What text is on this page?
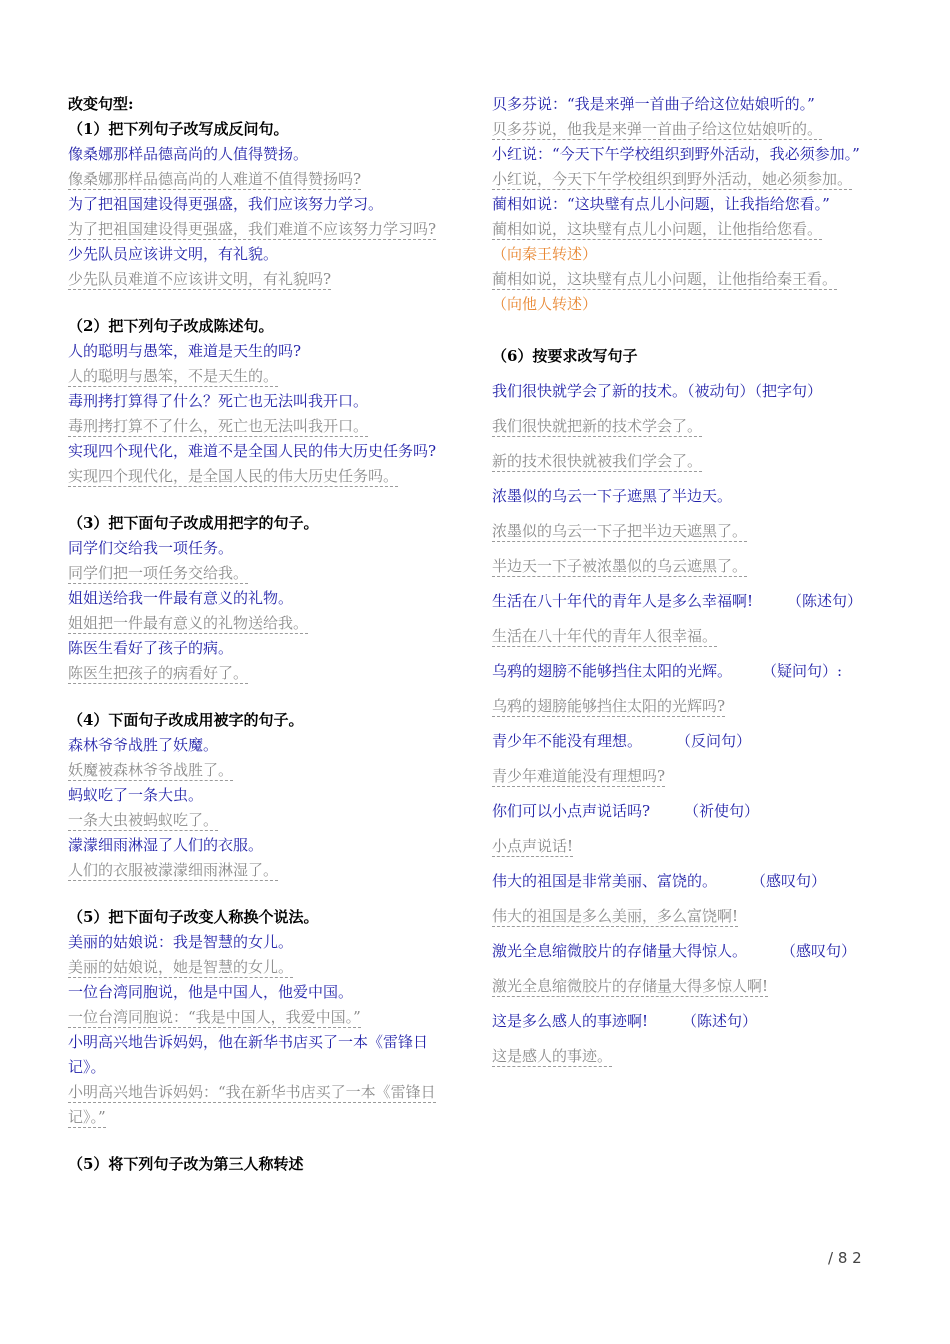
改变句型:
（1）把下列句子改写成反问句。
像桑娜那样品德高尚的人值得赞扬。
像桑娜那样品德高尚的人难道不值得赞扬吗?
为了把祖国建设得更强盛，我们应该努力学习。
为了把祖国建设得更强盛，我们难道不应该努力学习吗?
少先队员应该讲文明，有礼貌。
少先队员难道不应该讲文明，有礼貌吗?
（2）把下列句子改成陈述句。
人的聪明与愚笨，难道是天生的吗?
人的聪明与愚笨，不是天生的。
毒刑拷打算得了什么？死亡也无法叫我开口。
毒刑拷打算不了什么，死亡也无法叫我开口。
实现四个现代化，难道不是全国人民的伟大历史任务吗?
实现四个现代化，是全国人民的伟大历史任务吗。
（3）把下面句子改成用把字的句子。
同学们交给我一项任务。
同学们把一项任务交给我。
姐姐送给我一件最有意义的礼物。
姐姐把一件最有意义的礼物送给我。
陈医生看好了孩子的病。
陈医生把孩子的病看好了。
（4）下面句子改成用被字的句子。
森林爷爷战胜了妖魔。
妖魔被森林爷爷战胜了。
蚂蚁吃了一条大虫。
一条大虫被蚂蚁吃了。
濛濛细雨淋湿了人们的衣服。
人们的衣服被濛濛细雨淋湿了。
（5）把下面句子改变人称换个说法。
美丽的姑娘说：我是智慧的女儿。
美丽的姑娘说，她是智慧的女儿。
一位台湾同胞说，他是中国人，他爱中国。
一位台湾同胞说：“我是中国人，我爱中国。”
小明高兴地告诉妈妈，他在新华书店买了一本《雷锋日记》。
小明高兴地告诉妈妈：“我在新华书店买了一本《雷锋日记》。”
（5）将下列句子改为第三人称转述
贝多芬说：“我是来弹一首曲子给这位姑娘听的。”
贝多芬说，他我是来弹一首曲子给这位姑娘听的。
小红说：“今天下午学校组织到野外活动，我必须参加。”
小红说，今天下午学校组织到野外活动，她必须参加。
蔺相如说：“这块璧有点儿小问题，让我指给您看。”
蔺相如说，这块璧有点儿小问题，让他指给您看。
（向秦王转述）
蔺相如说，这块璧有点儿小问题，让他指给秦王看。
（向他人转述）
（6）按要求改写句子
我们很快就学会了新的技术。（被动句）（把字句）
我们很快就把新的技术学会了。
新的技术很快就被我们学会了。
浓墨似的乌云一下子遮黑了半边天。
浓墨似的乌云一下子把半边天遮黑了。
半边天一下子被浓墨似的乌云遮黑了。
生活在八十年代的青年人是多么幸福啊! （陈述句）
生活在八十年代的青年人很幸福。
乌鸦的翅膀不能够挡住太阳的光辉。 （疑问句）:
乌鸦的翅膀能够挡住太阳的光辉吗?
青少年不能没有理想。 （反问句）
青少年难道能没有理想吗?
你们可以小点声说话吗? （祈使句）
小点声说话!
伟大的祖国是非常美丽、富饶的。 （感叹句）
伟大的祖国是多么美丽，多么富饶啊!
激光全息缩微胶片的存储量大得惊人。 （感叹句）
激光全息缩微胶片的存储量大得多惊人啊!
这是多么感人的事迹啊! （陈述句）
这是感人的事迹。
/ 8 2
